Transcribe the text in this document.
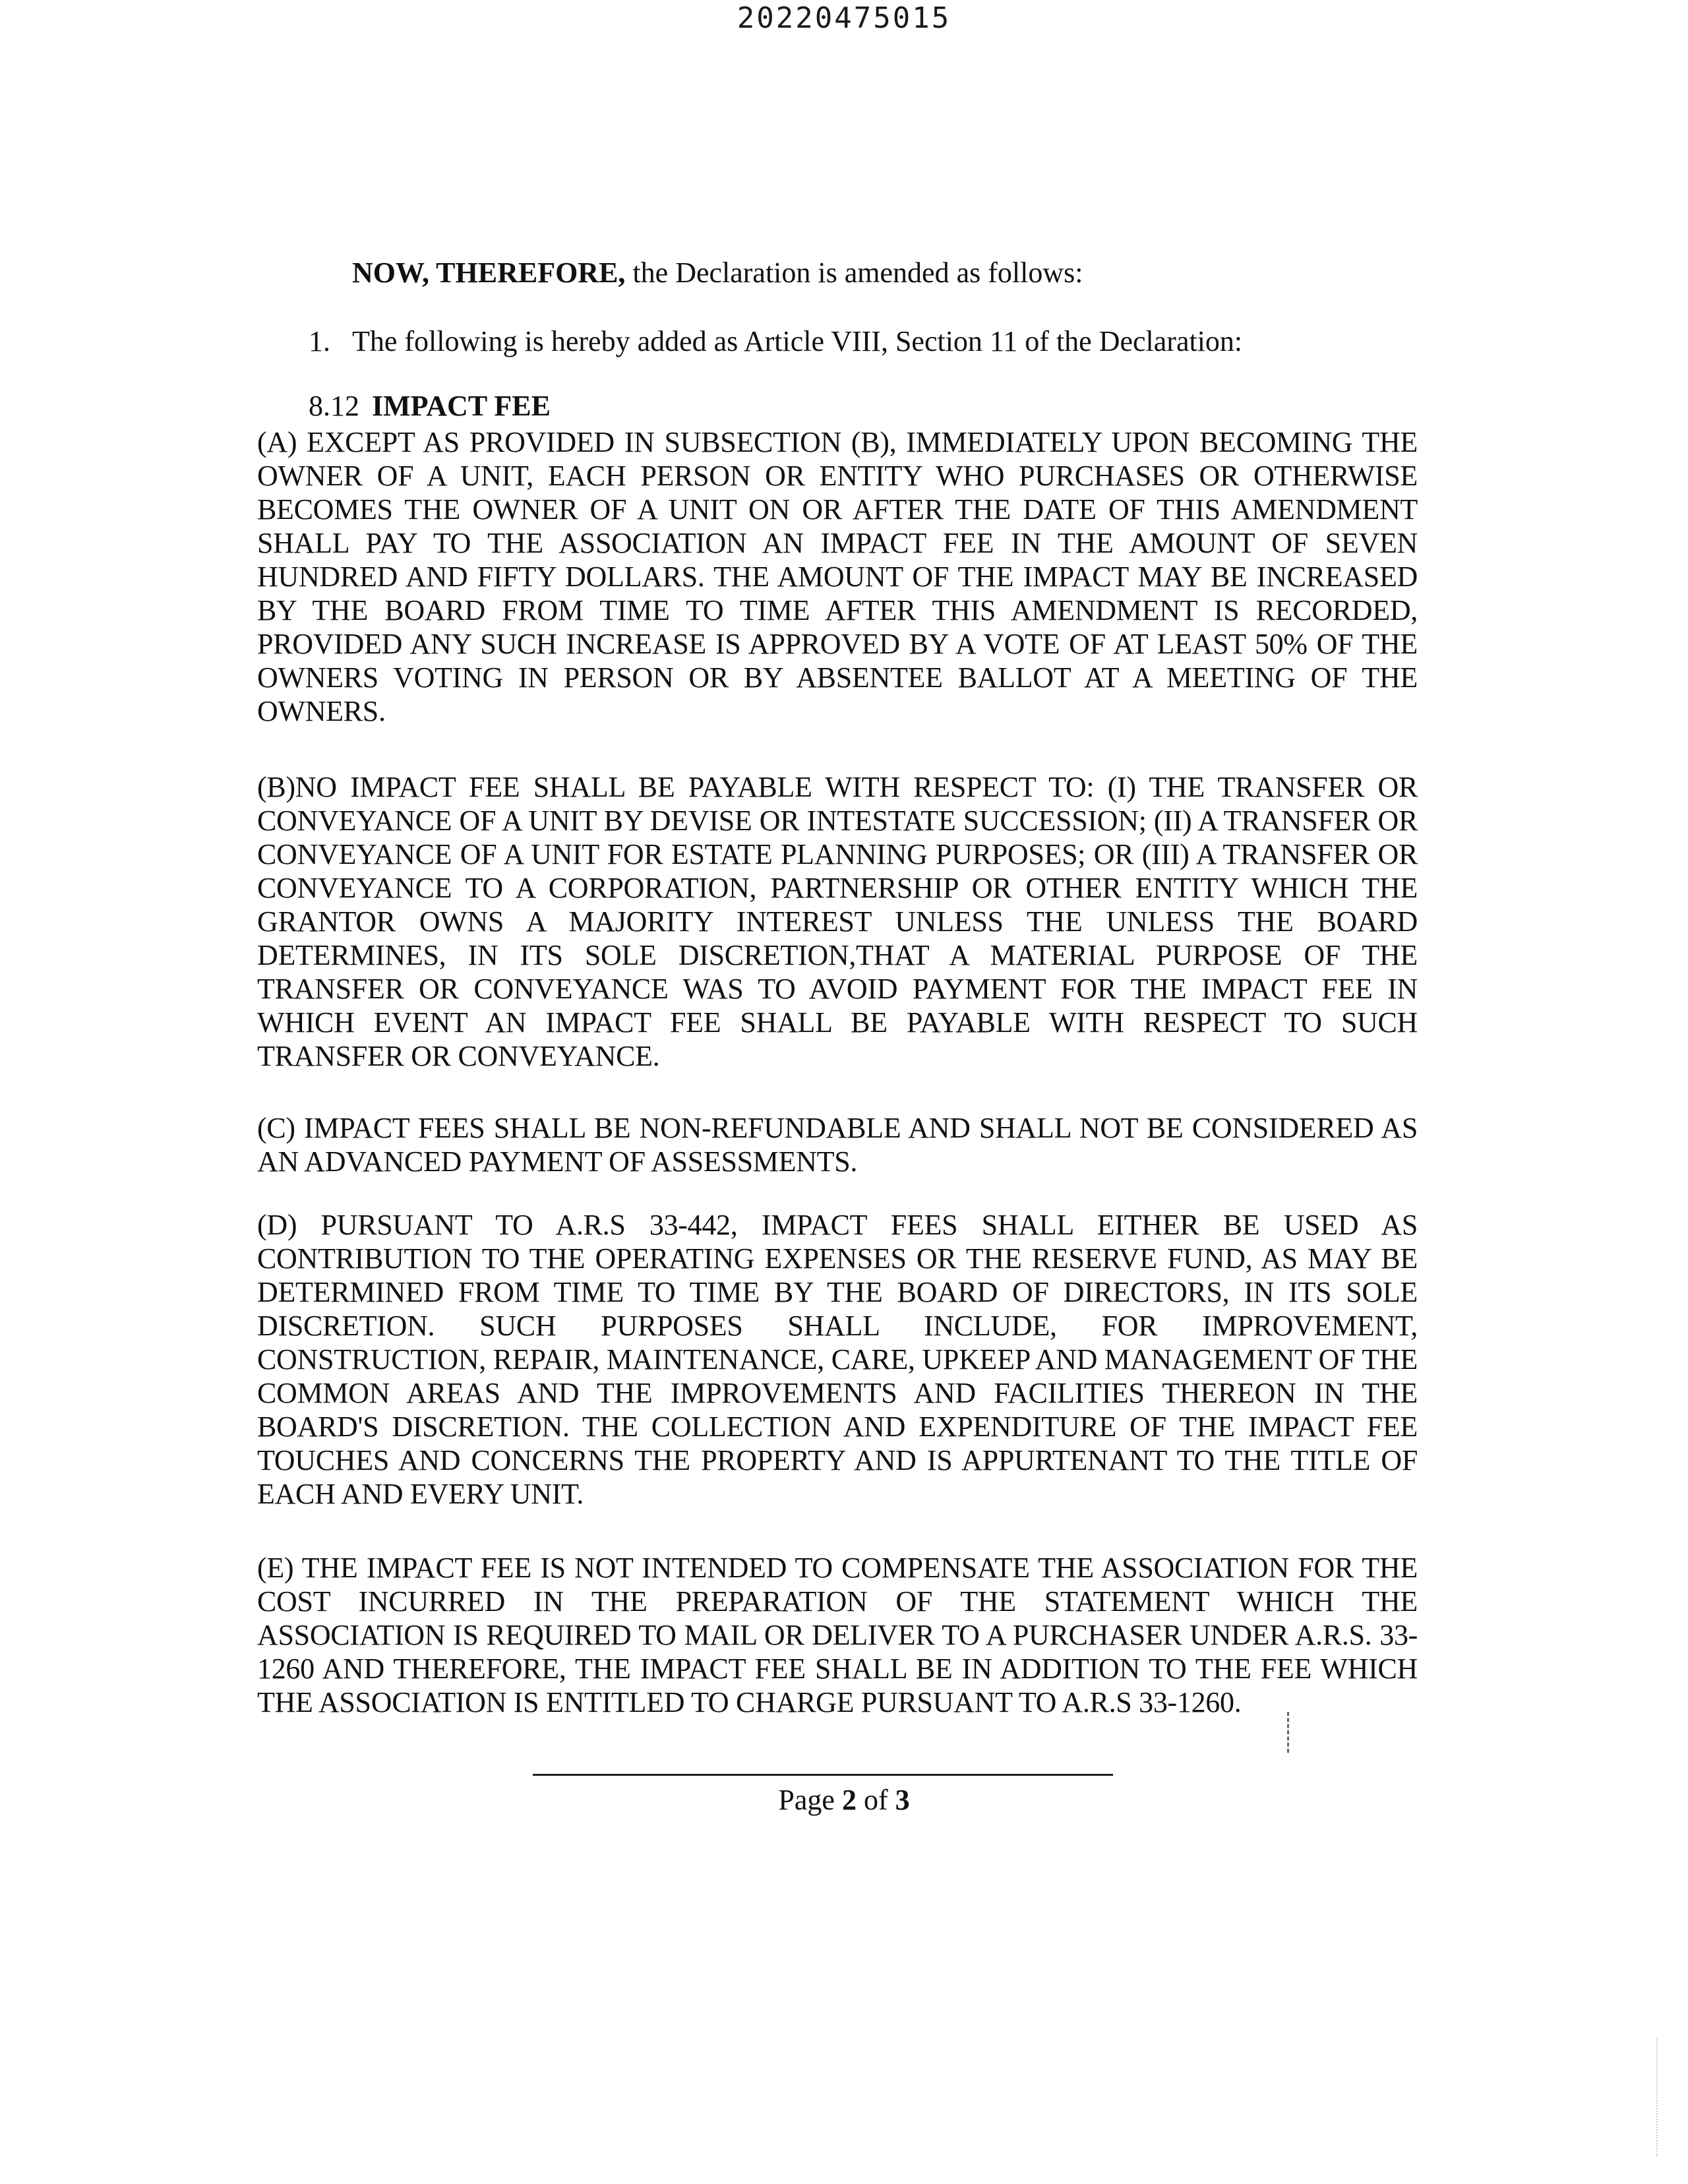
20220475015
NOW, THEREFORE, the Declaration is amended as follows:
1. The following is hereby added as Article VIII, Section 11 of the Declaration:
8.12 IMPACT FEE
(A) EXCEPT AS PROVIDED IN SUBSECTION (B), IMMEDIATELY UPON BECOMING THE OWNER OF A UNIT, EACH PERSON OR ENTITY WHO PURCHASES OR OTHERWISE BECOMES THE OWNER OF A UNIT ON OR AFTER THE DATE OF THIS AMENDMENT SHALL PAY TO THE ASSOCIATION AN IMPACT FEE IN THE AMOUNT OF SEVEN HUNDRED AND FIFTY DOLLARS. THE AMOUNT OF THE IMPACT MAY BE INCREASED BY THE BOARD FROM TIME TO TIME AFTER THIS AMENDMENT IS RECORDED, PROVIDED ANY SUCH INCREASE IS APPROVED BY A VOTE OF AT LEAST 50% OF THE OWNERS VOTING IN PERSON OR BY ABSENTEE BALLOT AT A MEETING OF THE OWNERS.
(B)NO IMPACT FEE SHALL BE PAYABLE WITH RESPECT TO: (I) THE TRANSFER OR CONVEYANCE OF A UNIT BY DEVISE OR INTESTATE SUCCESSION; (II) A TRANSFER OR CONVEYANCE OF A UNIT FOR ESTATE PLANNING PURPOSES; OR (III) A TRANSFER OR CONVEYANCE TO A CORPORATION, PARTNERSHIP OR OTHER ENTITY WHICH THE GRANTOR OWNS A MAJORITY INTEREST UNLESS THE UNLESS THE BOARD DETERMINES, IN ITS SOLE DISCRETION,THAT A MATERIAL PURPOSE OF THE TRANSFER OR CONVEYANCE WAS TO AVOID PAYMENT FOR THE IMPACT FEE IN WHICH EVENT AN IMPACT FEE SHALL BE PAYABLE WITH RESPECT TO SUCH TRANSFER OR CONVEYANCE.
(C) IMPACT FEES SHALL BE NON-REFUNDABLE AND SHALL NOT BE CONSIDERED AS AN ADVANCED PAYMENT OF ASSESSMENTS.
(D) PURSUANT TO A.R.S 33-442, IMPACT FEES SHALL EITHER BE USED AS CONTRIBUTION TO THE OPERATING EXPENSES OR THE RESERVE FUND, AS MAY BE DETERMINED FROM TIME TO TIME BY THE BOARD OF DIRECTORS, IN ITS SOLE DISCRETION. SUCH PURPOSES SHALL INCLUDE, FOR IMPROVEMENT, CONSTRUCTION, REPAIR, MAINTENANCE, CARE, UPKEEP AND MANAGEMENT OF THE COMMON AREAS AND THE IMPROVEMENTS AND FACILITIES THEREON IN THE BOARD'S DISCRETION. THE COLLECTION AND EXPENDITURE OF THE IMPACT FEE TOUCHES AND CONCERNS THE PROPERTY AND IS APPURTENANT TO THE TITLE OF EACH AND EVERY UNIT.
(E) THE IMPACT FEE IS NOT INTENDED TO COMPENSATE THE ASSOCIATION FOR THE COST INCURRED IN THE PREPARATION OF THE STATEMENT WHICH THE ASSOCIATION IS REQUIRED TO MAIL OR DELIVER TO A PURCHASER UNDER A.R.S. 33-1260 AND THEREFORE, THE IMPACT FEE SHALL BE IN ADDITION TO THE FEE WHICH THE ASSOCIATION IS ENTITLED TO CHARGE PURSUANT TO A.R.S 33-1260.
Page 2 of 3
